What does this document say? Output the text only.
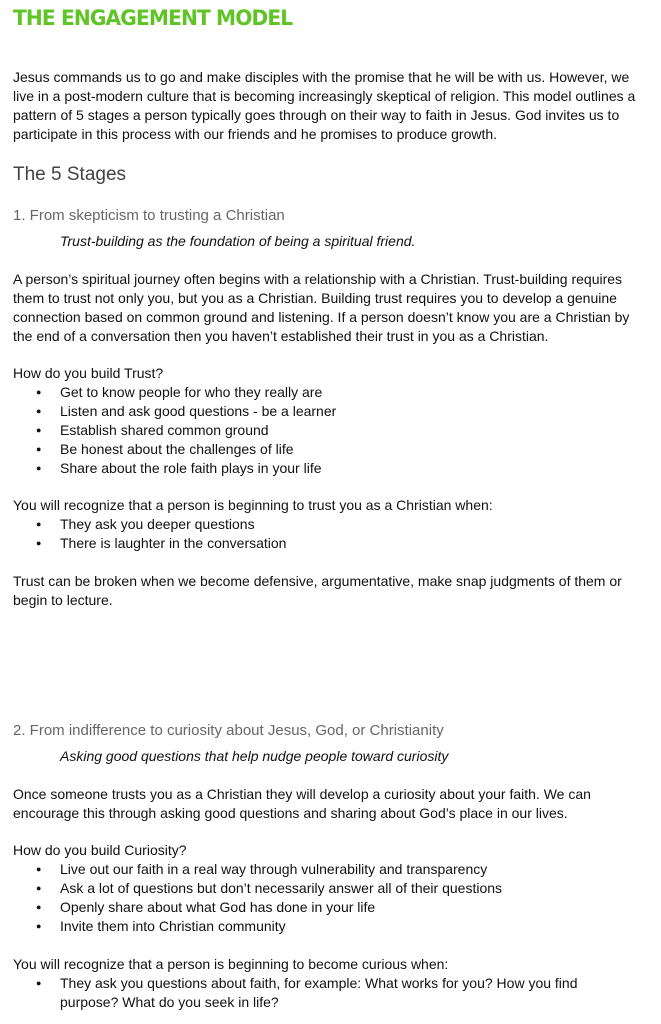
THE ENGAGEMENT MODEL

Jesus commands us to go and make disciples with the promise that he will be with us. However, we live in a post-modern culture that is becoming increasingly skeptical of religion. This model outlines a pattern of 5 stages a person typically goes through on their way to faith in Jesus. God invites us to participate in this process with our friends and he promises to produce growth.

The 5 Stages
1. From skepticism to trusting a Christian

Trust-building as the foundation of being a spiritual friend.

A person’s spiritual journey often begins with a relationship with a Christian. Trust-building requires them to trust not only you, but you as a Christian. Building trust requires you to develop a genuine connection based on common ground and listening. If a person doesn’t know you are a Christian by the end of a conversation then you haven’t established their trust in you as a Christian.

How do you build Trust?

● Get to know people for who they really are
● Listen and ask good questions - be a learner
● Establish shared common ground
● Be honest about the challenges of life
● Share about the role faith plays in your life

You will recognize that a person is beginning to trust you as a Christian when:

● They ask you deeper questions
● There is laughter in the conversation

Trust can be broken when we become defensive, argumentative, make snap judgments of them or begin to lecture.

2. From indifference to curiosity about Jesus, God, or Christianity

Asking good questions that help nudge people toward curiosity

Once someone trusts you as a Christian they will develop a curiosity about your faith. We can encourage this through asking good questions and sharing about God’s place in our lives.

How do you build Curiosity?

● Live out our faith in a real way through vulnerability and transparency
● Ask a lot of questions but don’t necessarily answer all of their questions
● Openly share about what God has done in your life
● Invite them into Christian community

You will recognize that a person is beginning to become curious when:

● They ask you questions about faith, for example: What works for you? How you find purpose? What do you seek in life?
